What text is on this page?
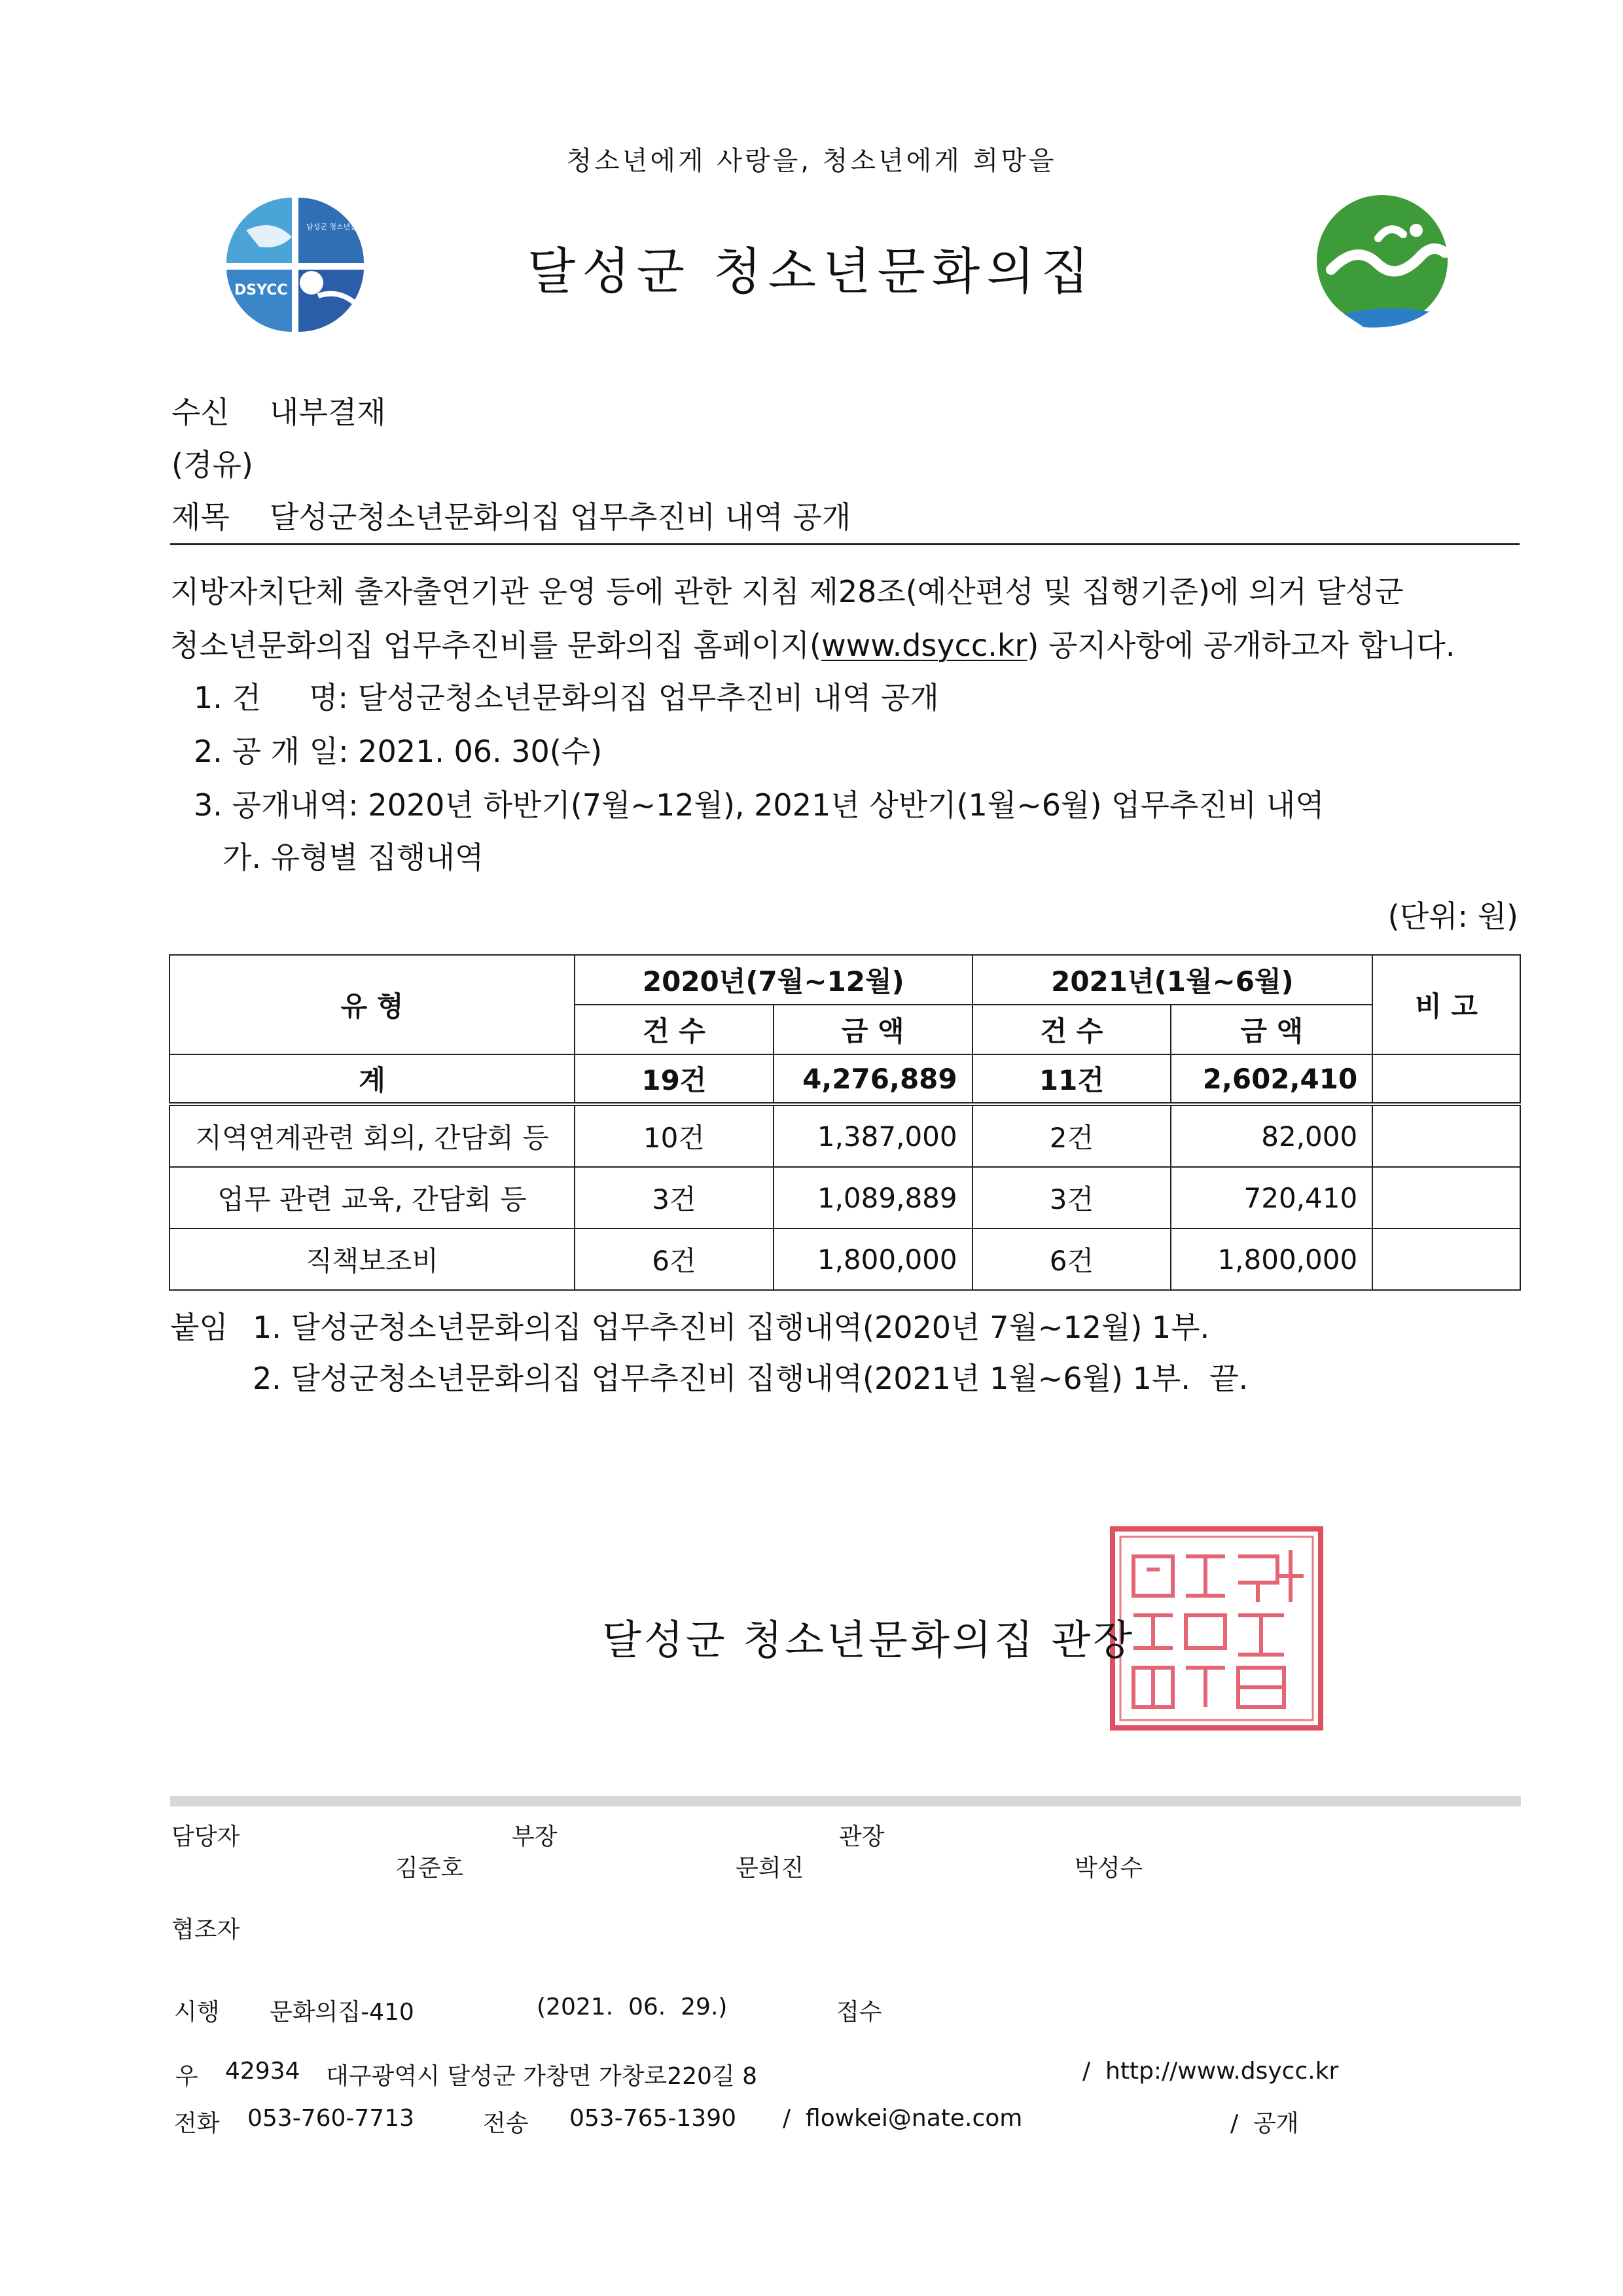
청소년에게 사랑을, 청소년에게 희망을
달성군 청소년문화의집
DSYCC
달성군 청소년문화의집
수신 내부결재
(경유)
제목 달성군청소년문화의집 업무추진비 내역 공개
지방자치단체 출자출연기관 운영 등에 관한 지침 제28조(예산편성 및 집행기준)에 의거 달성군
청소년문화의집 업무추진비를 문화의집 홈페이지(www.dsycc.kr) 공지사항에 공개하고자 합니다.
1. 건     명: 달성군청소년문화의집 업무추진비 내역 공개
2. 공 개 일: 2021. 06. 30(수)
3. 공개내역: 2020년 하반기(7월~12월), 2021년 상반기(1월~6월) 업무추진비 내역
가. 유형별 집행내역
(단위: 원)
유 형	2020년(7월~12월)		2021년(1월~6월)		비 고
	건 수	금 액	건 수	금 액	
계	19건	4,276,889	11건	2,602,410	
지역연계관련 회의, 간담회 등	10건	1,387,000	2건	82,000	
업무 관련 교육, 간담회 등	3건	1,089,889	3건	720,410	
직책보조비	6건	1,800,000	6건	1,800,000	
붙임 1. 달성군청소년문화의집 업무추진비 집행내역(2020년 7월~12월) 1부.
2. 달성군청소년문화의집 업무추진비 집행내역(2021년 1월~6월) 1부.  끝.
달성군 청소년문화의집 관장
담당자
김준호
부장
문희진
관장
박성수
협조자
시행 문화의집-410	(2021.  06.  29.)	접수
우 42934 대구광역시 달성군 가창면 가창로220길 8	/  http://www.dsycc.kr
전화 053-760-7713	전송 053-765-1390 /  flowkei@nate.com	/  공개
